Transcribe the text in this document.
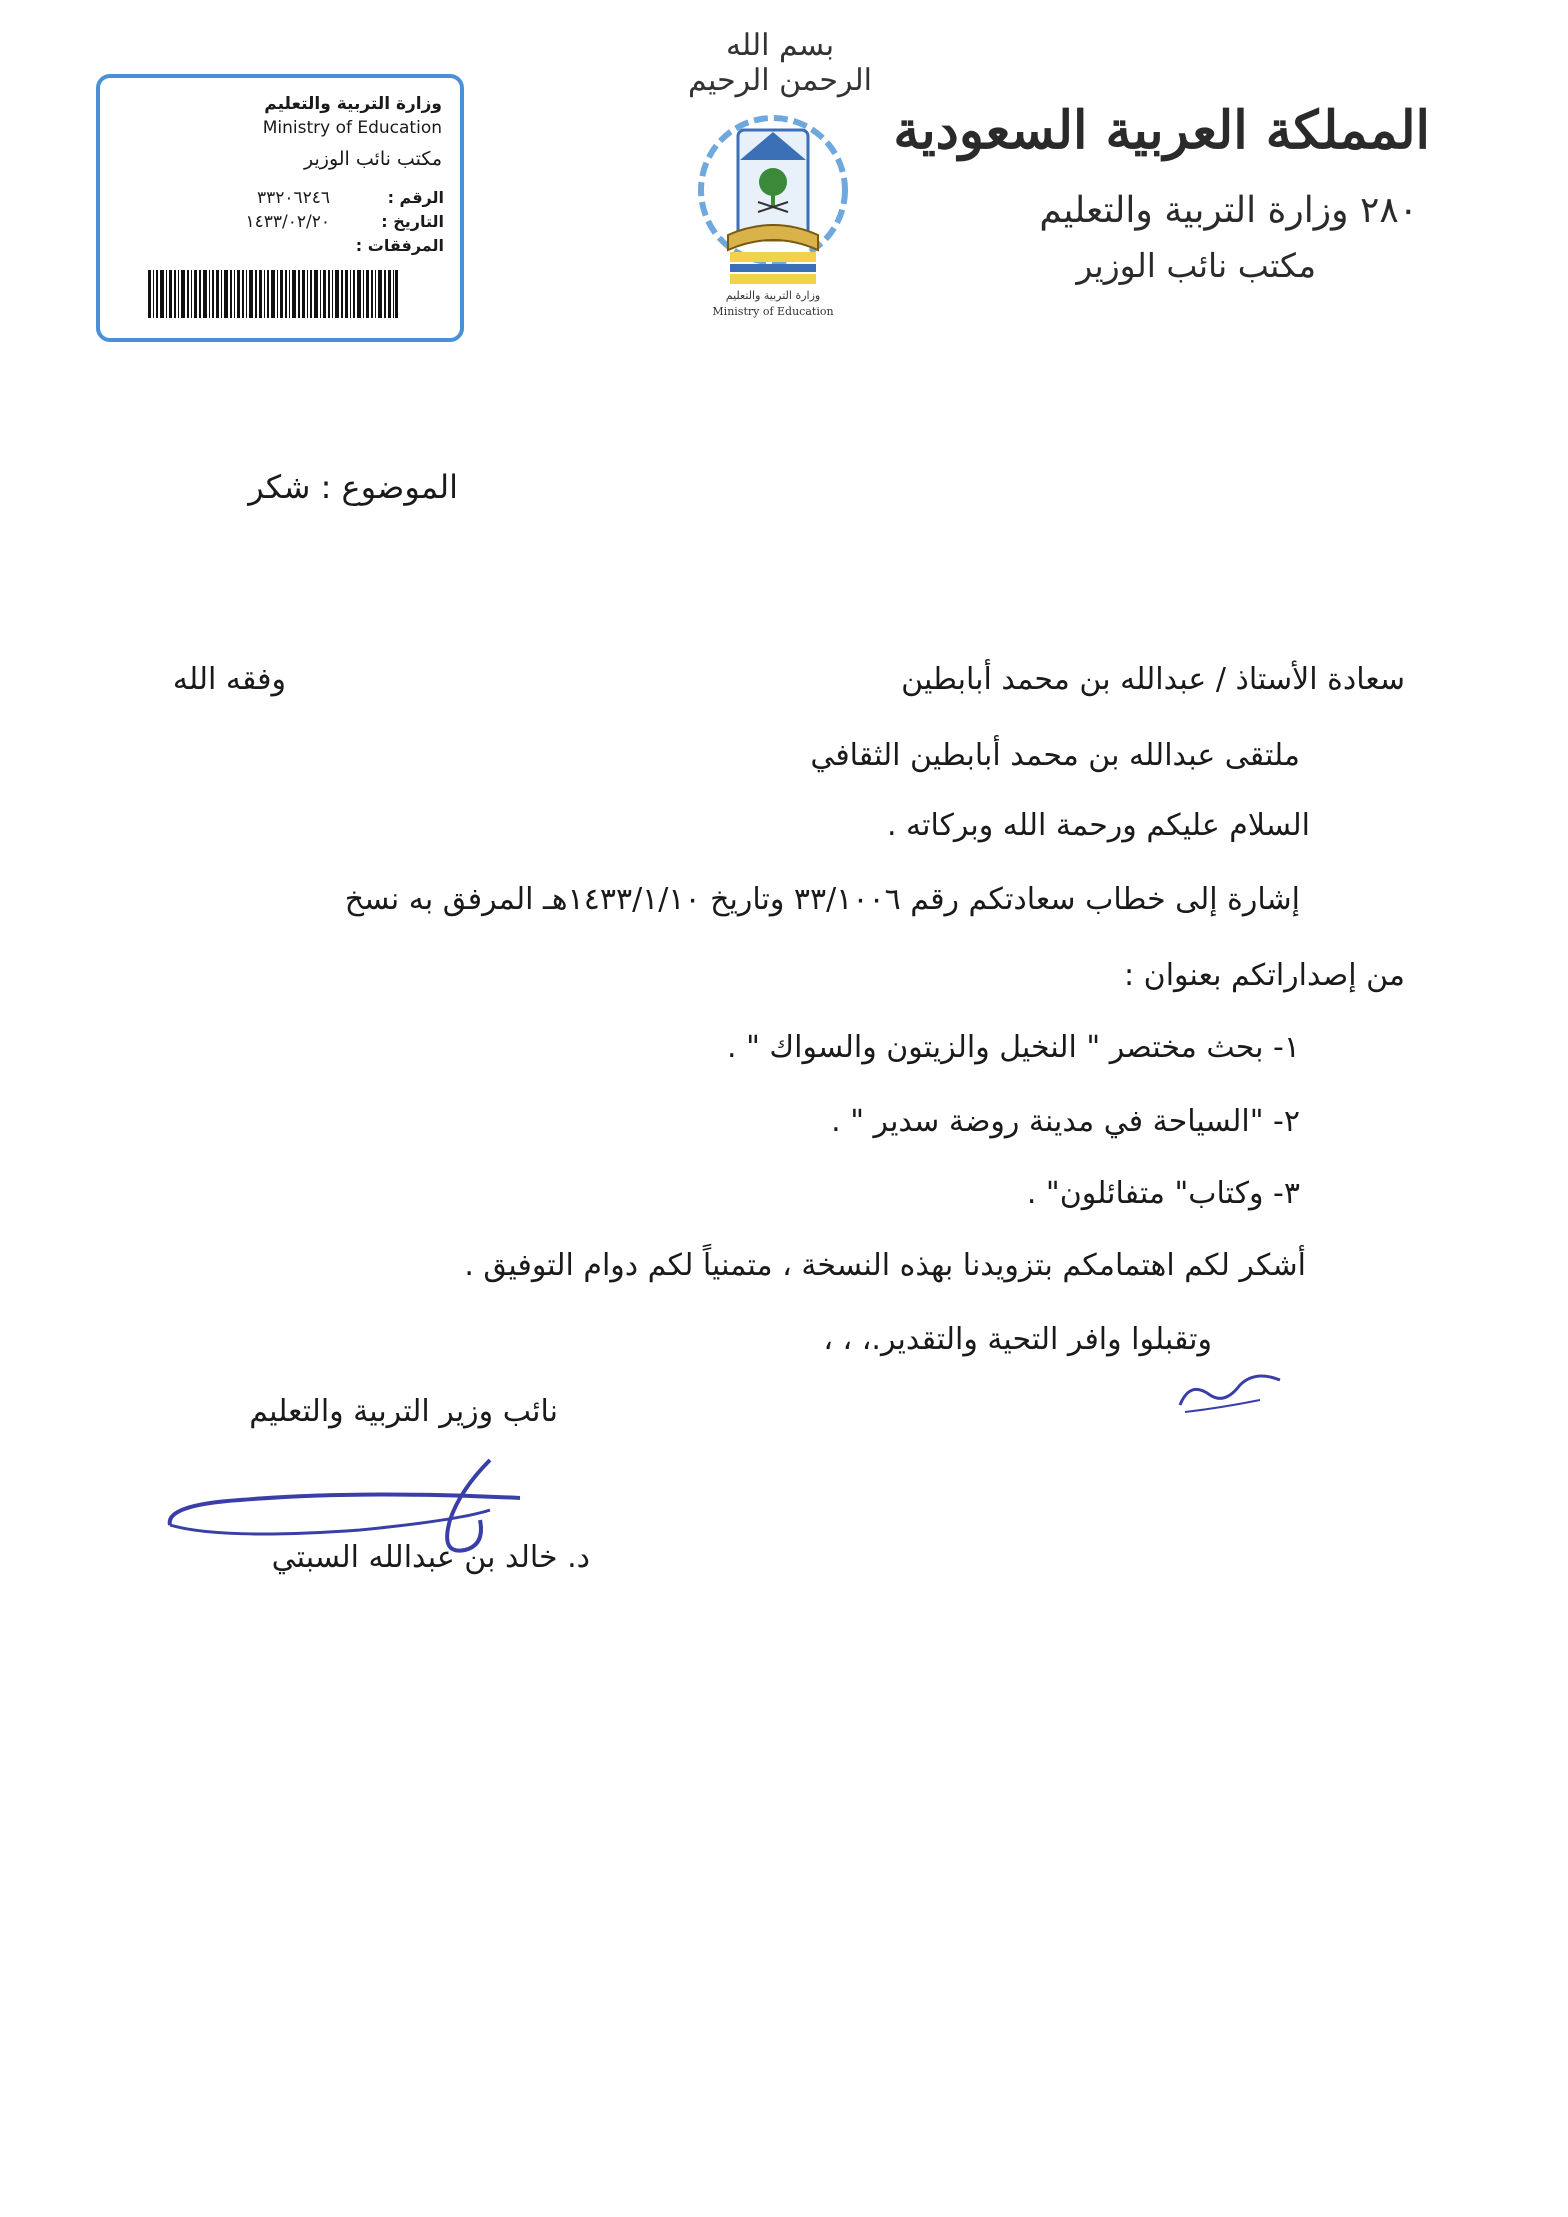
بسم الله الرحمن الرحيم
المملكة العربية السعودية
٢٨٠ وزارة التربية والتعليم
مكتب نائب الوزير
وزارة التربية والتعليم
Ministry of Education
وزارة التربية والتعليم
Ministry of Education
مكتب نائب الوزير
الرقم :
٣٣٢٠٦٢٤٦
التاريخ :
١٤٣٣/٠٢/٢٠
المرفقات :
الموضوع : شكر
سعادة الأستاذ / عبدالله بن محمد أبابطين
وفقه الله
ملتقى عبدالله بن محمد أبابطين الثقافي
السلام عليكم ورحمة الله وبركاته .
إشارة إلى خطاب سعادتكم رقم ٣٣/١٠٠٦ وتاريخ ١٤٣٣/١/١٠هـ المرفق به نسخ
من إصداراتكم بعنوان :
١- بحث مختصر " النخيل والزيتون والسواك " .
٢- "السياحة في مدينة روضة سدير " .
٣- وكتاب" متفائلون" .
أشكر لكم اهتمامكم بتزويدنا بهذه النسخة ، متمنياً لكم دوام التوفيق .
وتقبلوا وافر التحية والتقدير.، ، ،
نائب وزير التربية والتعليم
د. خالد بن عبدالله السبتي
